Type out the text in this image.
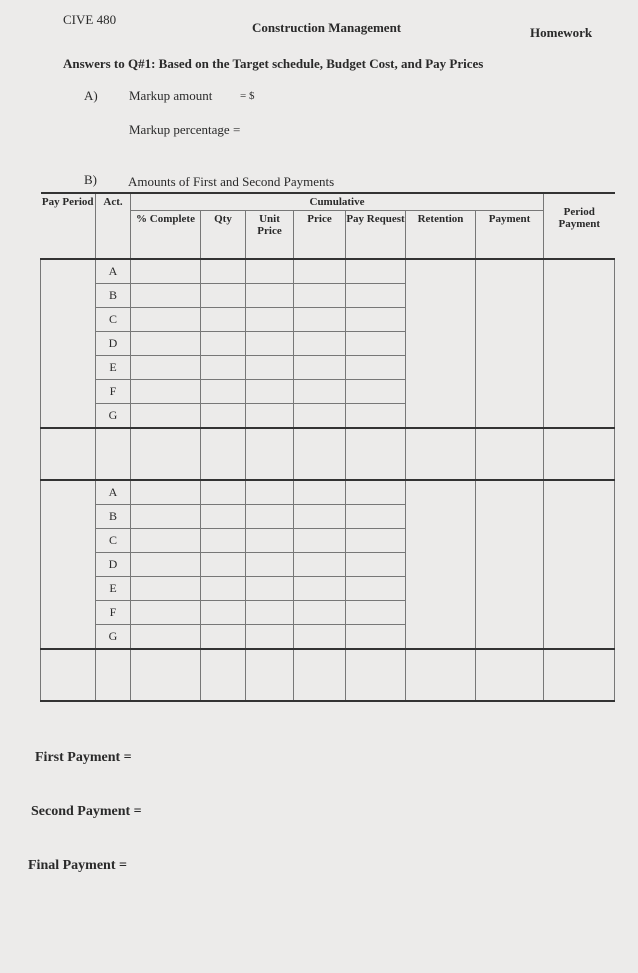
CIVE 480
Construction Management	Homework
Answers to Q#1: Based on the Target schedule, Budget Cost, and Pay Prices
A) Markup amount	= $
Markup percentage =
B) Amounts of First and Second Payments
Pay Period	Act.	Cumulative							Period Payment
		% Complete	Qty	Unit Price	Price	Pay Request	Retention	Payment	
	A								
	B								
	C								
	D								
	E								
	F								
	G								

	A								
	B								
	C								
	D								
	E								
	F								
	G								

First Payment =
Second Payment =
Final Payment =
